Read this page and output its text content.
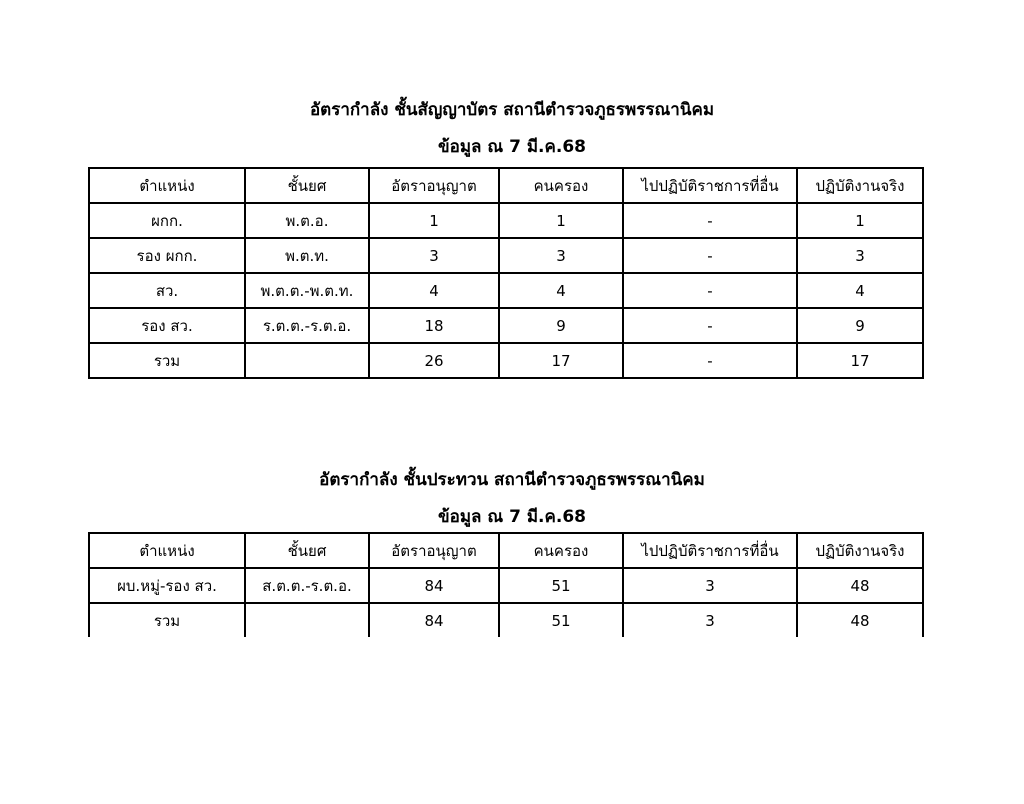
อัตรากำลัง ชั้นสัญญาบัตร สถานีตำรวจภูธรพรรณานิคม
ข้อมูล ณ 7 มี.ค.68
ตำแหน่ง	ชั้นยศ	อัตราอนุญาต	คนครอง	ไปปฏิบัติราชการที่อื่น	ปฏิบัติงานจริง
ผกก.	พ.ต.อ.	1	1	-	1
รอง ผกก.	พ.ต.ท.	3	3	-	3
สว.	พ.ต.ต.-พ.ต.ท.	4	4	-	4
รอง สว.	ร.ต.ต.-ร.ต.อ.	18	9	-	9
รวม		26	17	-	17
อัตรากำลัง ชั้นประทวน สถานีตำรวจภูธรพรรณานิคม
ข้อมูล ณ 7 มี.ค.68
ตำแหน่ง	ชั้นยศ	อัตราอนุญาต	คนครอง	ไปปฏิบัติราชการที่อื่น	ปฏิบัติงานจริง
ผบ.หมู่-รอง สว.	ส.ต.ต.-ร.ต.อ.	84	51	3	48
รวม		84	51	3	48
